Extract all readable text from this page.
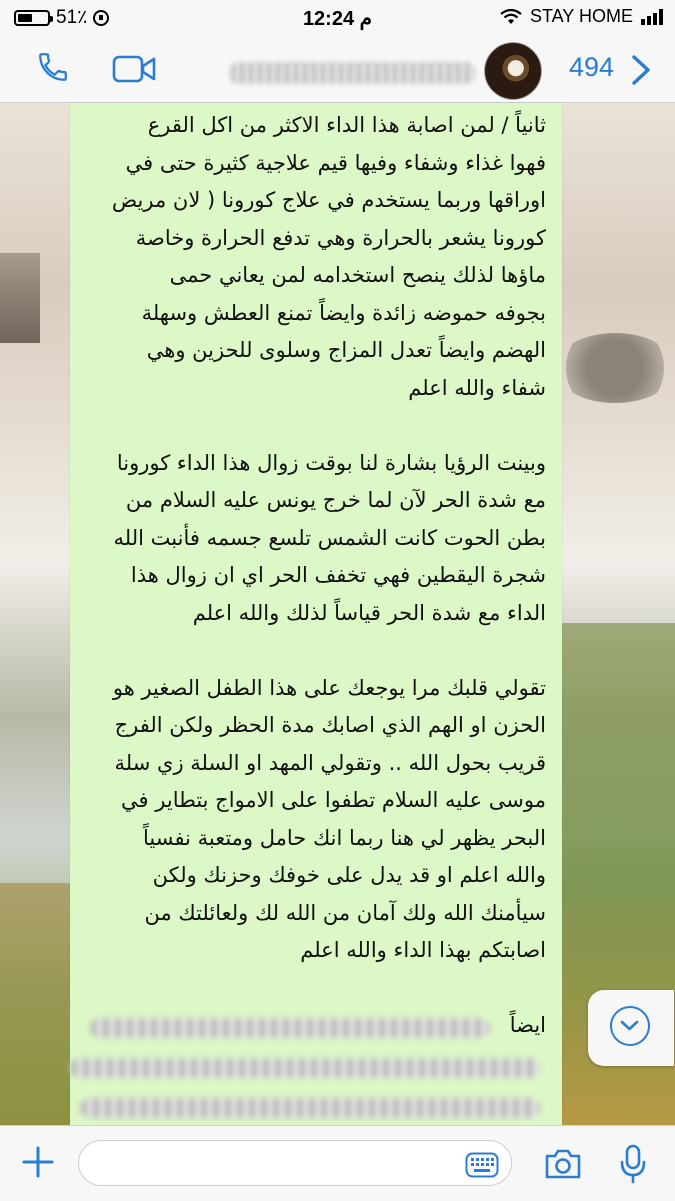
51٪	12:24 م	STAY HOME
494

ثانياً / لمن اصابة هذا الداء الاكثر من اكل القرع
فهوا غذاء وشفاء وفيها قيم علاجية كثيرة حتى في
اوراقها وربما يستخدم في علاج كورونا ( لان مريض
كورونا يشعر بالحرارة وهي تدفع الحرارة وخاصة
ماؤها لذلك ينصح استخدامه لمن يعاني حمى
بجوفه حموضه زائدة وايضاً تمنع العطش وسهلة
الهضم وايضاً تعدل المزاج وسلوى للحزين وهي
شفاء والله اعلم

وبينت الرؤيا بشارة لنا بوقت زوال هذا الداء كورونا
مع شدة الحر لآن لما خرج يونس عليه السلام من
بطن الحوت كانت الشمس تلسع جسمه فأنبت الله
شجرة اليقطين فهي تخفف الحر اي ان زوال هذا
الداء مع شدة الحر قياساً لذلك والله اعلم

تقولي قلبك مرا يوجعك على هذا الطفل الصغير هو
الحزن او الهم الذي اصابك مدة الحظر ولكن الفرج
قريب بحول الله .. وتقولي المهد او السلة زي سلة
موسى عليه السلام تطفوا على الامواج بتطاير في
البحر يظهر لي هنا ربما انك حامل ومتعبة نفسياً
والله اعلم او قد يدل على خوفك وحزنك ولكن
سيأمنك الله ولك آمان من الله لك ولعائلتك من
اصابتكم بهذا الداء والله اعلم

ايضاً
